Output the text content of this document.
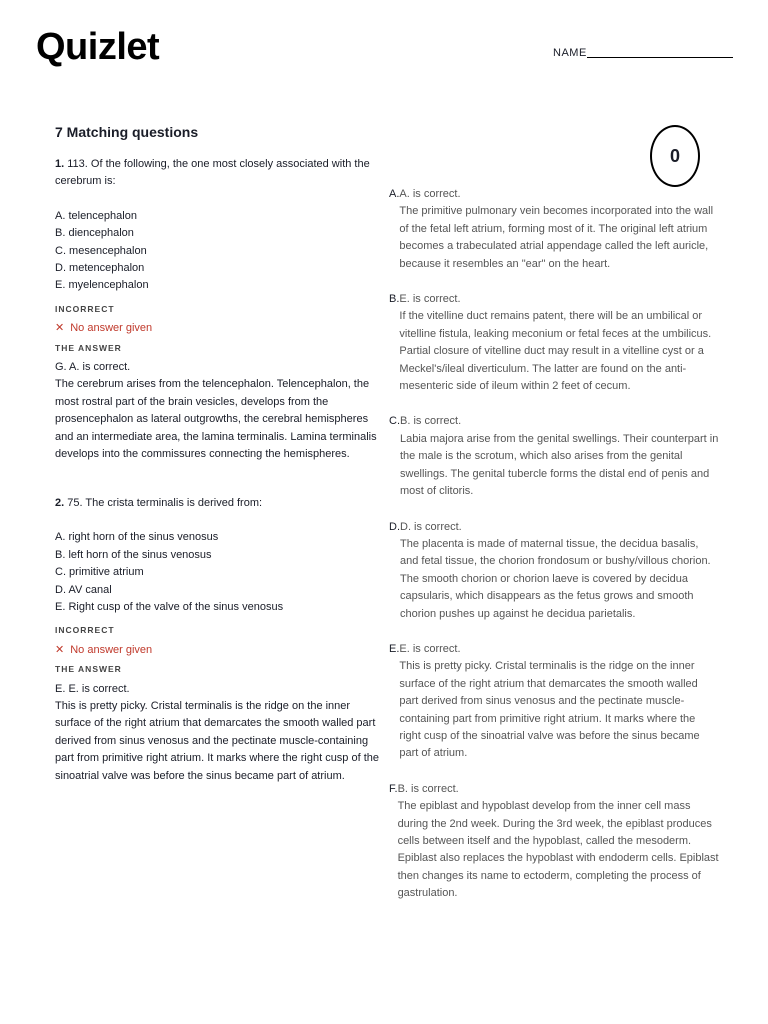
Quizlet	NAME
7 Matching questions
0

1. 113. Of the following, the one most closely associated with the cerebrum is:

A. telencephalon
B. diencephalon
C. mesencephalon
D. metencephalon
E. myelencephalon

INCORRECT

✕ No answer given

THE ANSWER

G. A. is correct.
The cerebrum arises from the telencephalon. Telencephalon, the most rostral part of the brain vesicles, develops from the prosencephalon as lateral outgrowths, the cerebral hemispheres and an intermediate area, the lamina terminalis. Lamina terminalis develops into the commissures connecting the hemispheres.

2. 75. The crista terminalis is derived from:

A. right horn of the sinus venosus
B. left horn of the sinus venosus
C. primitive atrium
D. AV canal
E. Right cusp of the valve of the sinus venosus

INCORRECT

✕ No answer given

THE ANSWER

E. E. is correct.
This is pretty picky. Cristal terminalis is the ridge on the inner surface of the right atrium that demarcates the smooth walled part derived from sinus venosus and the pectinate muscle-containing part from primitive right atrium. It marks where the right cusp of the sinoatrial valve was before the sinus became part of atrium.

A. A. is correct.

The primitive pulmonary vein becomes incorporated into the wall of the fetal left atrium, forming most of it. The original left atrium becomes a trabeculated atrial appendage called the left auricle, because it resembles an "ear" on the heart.

B. E. is correct.

If the vitelline duct remains patent, there will be an umbilical or vitelline fistula, leaking meconium or fetal feces at the umbilicus. Partial closure of vitelline duct may result in a vitelline cyst or a Meckel's/ileal diverticulum. The latter are found on the anti-mesenteric side of ileum within 2 feet of cecum.

C. B. is correct.

Labia majora arise from the genital swellings. Their counterpart in the male is the scrotum, which also arises from the genital swellings. The genital tubercle forms the distal end of penis and most of clitoris.

D. D. is correct.

The placenta is made of maternal tissue, the decidua basalis, and fetal tissue, the chorion frondosum or bushy/villous chorion. The smooth chorion or chorion laeve is covered by decidua capsularis, which disappears as the fetus grows and smooth chorion pushes up against he decidua parietalis.

E. E. is correct.

This is pretty picky. Cristal terminalis is the ridge on the inner surface of the right atrium that demarcates the smooth walled part derived from sinus venosus and the pectinate muscle-containing part from primitive right atrium. It marks where the right cusp of the sinoatrial valve was before the sinus became part of atrium.

F. B. is correct.

The epiblast and hypoblast develop from the inner cell mass during the 2nd week. During the 3rd week, the epiblast produces cells between itself and the hypoblast, called the mesoderm. Epiblast also replaces the hypoblast with endoderm cells. Epiblast then changes its name to ectoderm, completing the process of gastrulation.
